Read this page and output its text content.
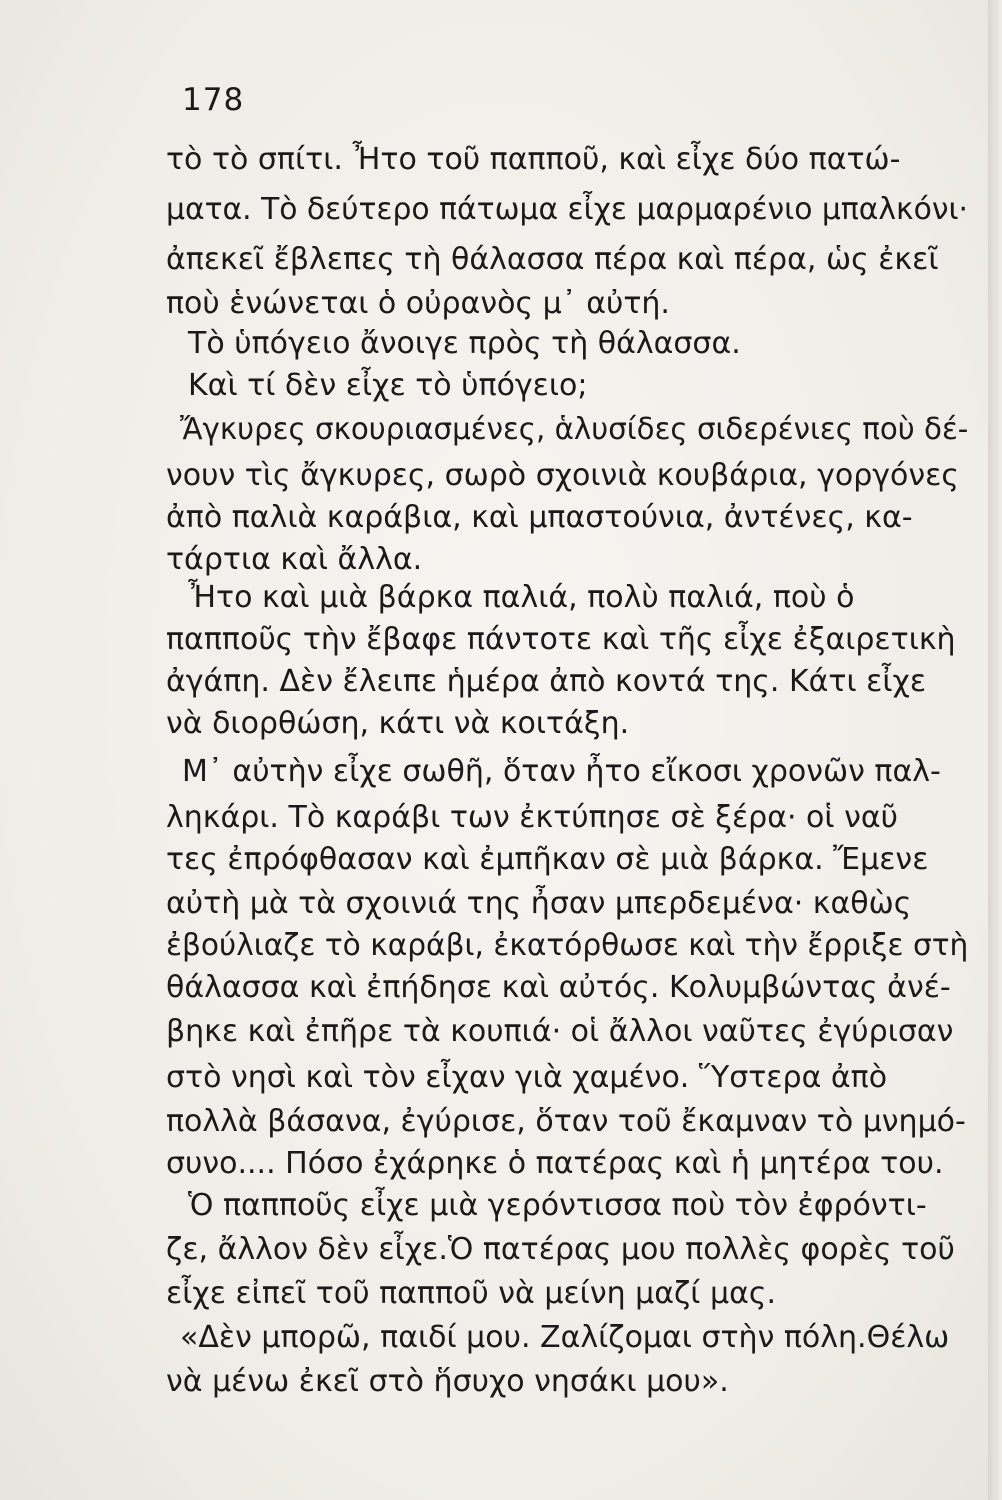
178
τὸ τὸ σπίτι. Ἦτο τοῦ παπποῦ, καὶ εἶχε δύο πατώ-
ματα. Τὸ δεύτερο πάτωμα εἶχε μαρμαρένιο μπαλκόνι·
ἀπεκεῖ ἔβλεπες τὴ θάλασσα πέρα καὶ πέρα, ὡς ἐκεῖ
ποὺ ἑνώνεται ὁ οὐρανὸς μ᾽ αὐτή.
Τὸ ὑπόγειο ἄνοιγε πρὸς τὴ θάλασσα.
Καὶ τί δὲν εἶχε τὸ ὑπόγειο;
Ἄγκυρες σκουριασμένες, ἁλυσίδες σιδερένιες ποὺ δέ-
νουν τὶς ἄγκυρες, σωρὸ σχοινιὰ κουβάρια, γοργόνες
ἀπὸ παλιὰ καράβια, καὶ μπαστούνια, ἀντένες, κα-
τάρτια καὶ ἄλλα.
Ἦτο καὶ μιὰ βάρκα παλιά, πολὺ παλιά, ποὺ ὁ
παπποῦς τὴν ἔβαφε πάντοτε καὶ τῆς εἶχε ἐξαιρετικὴ
ἀγάπη. Δὲν ἔλειπε ἡμέρα ἀπὸ κοντά της. Κάτι εἶχε
νὰ διορθώση, κάτι νὰ κοιτάξη.
Μ᾽ αὐτὴν εἶχε σωθῆ, ὅταν ἦτο εἴκοσι χρονῶν παλ-
ληκάρι. Τὸ καράβι των ἐκτύπησε σὲ ξέρα· οἱ ναῦ
τες ἐπρόφθασαν καὶ ἐμπῆκαν σὲ μιὰ βάρκα. Ἔμενε
αὐτὴ μὰ τὰ σχοινιά της ἦσαν μπερδεμένα· καθὼς
ἐβούλιαζε τὸ καράβι, ἐκατόρθωσε καὶ τὴν ἔρριξε στὴ
θάλασσα καὶ ἐπήδησε καὶ αὐτός. Κολυμβώντας ἀνέ-
βηκε καὶ ἐπῆρε τὰ κουπιά· οἱ ἄλλοι ναῦτες ἐγύρισαν
στὸ νησὶ καὶ τὸν εἶχαν γιὰ χαμένο. Ὕστερα ἀπὸ
πολλὰ βάσανα, ἐγύρισε, ὅταν τοῦ ἔκαμναν τὸ μνημό-
συνο.... Πόσο ἐχάρηκε ὁ πατέρας καὶ ἡ μητέρα του.
Ὁ παπποῦς εἶχε μιὰ γερόντισσα ποὺ τὸν ἐφρόντι-
ζε, ἄλλον δὲν εἶχε.Ὁ πατέρας μου πολλὲς φορὲς τοῦ
εἶχε εἰπεῖ τοῦ παπποῦ νὰ μείνη μαζί μας.
«Δὲν μπορῶ, παιδί μου. Ζαλίζομαι στὴν πόλη.Θέλω
νὰ μένω ἐκεῖ στὸ ἥσυχο νησάκι μου».
